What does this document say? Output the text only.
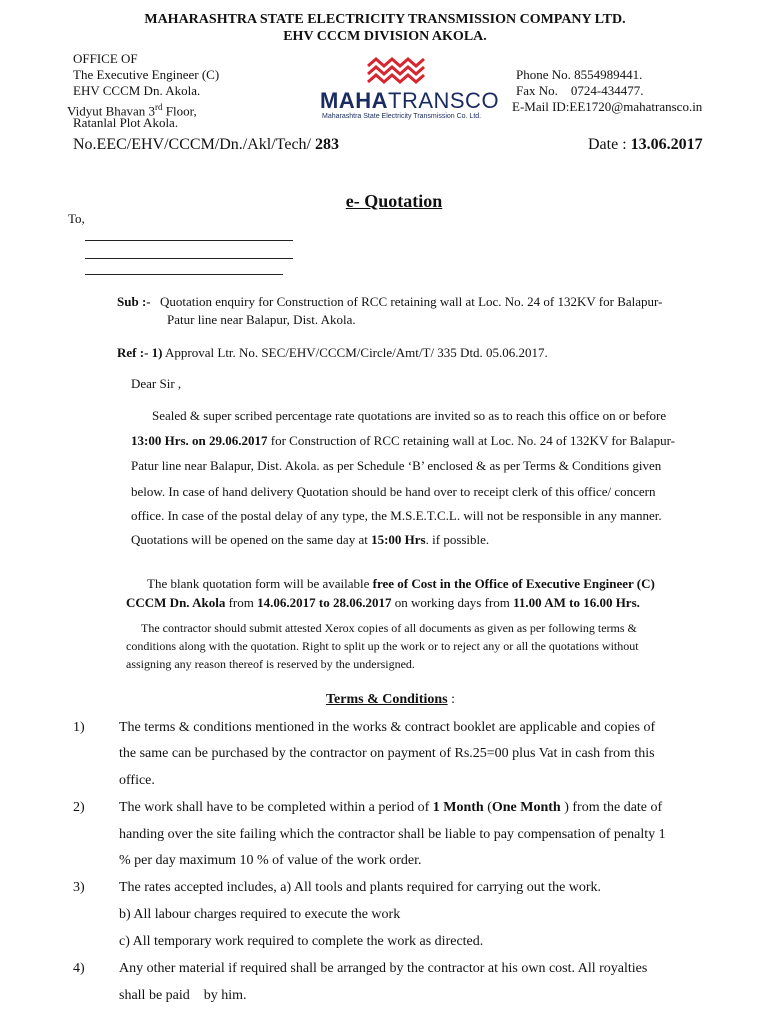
MAHARASHTRA STATE ELECTRICITY TRANSMISSION COMPANY LTD.
EHV CCCM DIVISION AKOLA.
OFFICE OF
The Executive Engineer (C)
EHV CCCM Dn. Akola.
Vidyut Bhavan 3rd Floor,
Ratanlal Plot Akola.
MAHATRANSCO
Maharashtra State Electricity Transmission Co. Ltd.
Phone No. 8554989441.
Fax No.    0724-434477.
E-Mail ID:EE1720@mahatransco.in
No.EEC/EHV/CCCM/Dn./Akl/Tech/ 283	Date : 13.06.2017
e- Quotation
To,
Sub :- Quotation enquiry for Construction of RCC retaining wall at Loc. No. 24 of 132KV for Balapur-
Patur line near Balapur, Dist. Akola.
Ref :- 1) Approval Ltr. No. SEC/EHV/CCCM/Circle/Amt/T/ 335 Dtd. 05.06.2017.
Dear Sir ,
Sealed & super scribed percentage rate quotations are invited so as to reach this office on or before
13:00 Hrs. on 29.06.2017 for Construction of RCC retaining wall at Loc. No. 24 of 132KV for Balapur-
Patur line near Balapur, Dist. Akola. as per Schedule ‘B’ enclosed & as per Terms & Conditions given
below. In case of hand delivery Quotation should be hand over to receipt clerk of this office/ concern
office. In case of the postal delay of any type, the M.S.E.T.C.L. will not be responsible in any manner.
Quotations will be opened on the same day at 15:00 Hrs. if possible.
The blank quotation form will be available free of Cost in the Office of Executive Engineer (C)
CCCM Dn. Akola from 14.06.2017 to 28.06.2017 on working days from 11.00 AM to 16.00 Hrs.
The contractor should submit attested Xerox copies of all documents as given as per following terms &
conditions along with the quotation. Right to split up the work or to reject any or all the quotations without
assigning any reason thereof is reserved by the undersigned.
Terms & Conditions :
1) The terms & conditions mentioned in the works & contract booklet are applicable and copies of
the same can be purchased by the contractor on payment of Rs.25=00 plus Vat in cash from this
office.
2) The work shall have to be completed within a period of 1 Month (One Month ) from the date of
handing over the site failing which the contractor shall be liable to pay compensation of penalty 1
% per day maximum 10 % of value of the work order.
3) The rates accepted includes, a) All tools and plants required for carrying out the work.
b) All labour charges required to execute the work
c) All temporary work required to complete the work as directed.
4) Any other material if required shall be arranged by the contractor at his own cost. All royalties
shall be paid    by him.
